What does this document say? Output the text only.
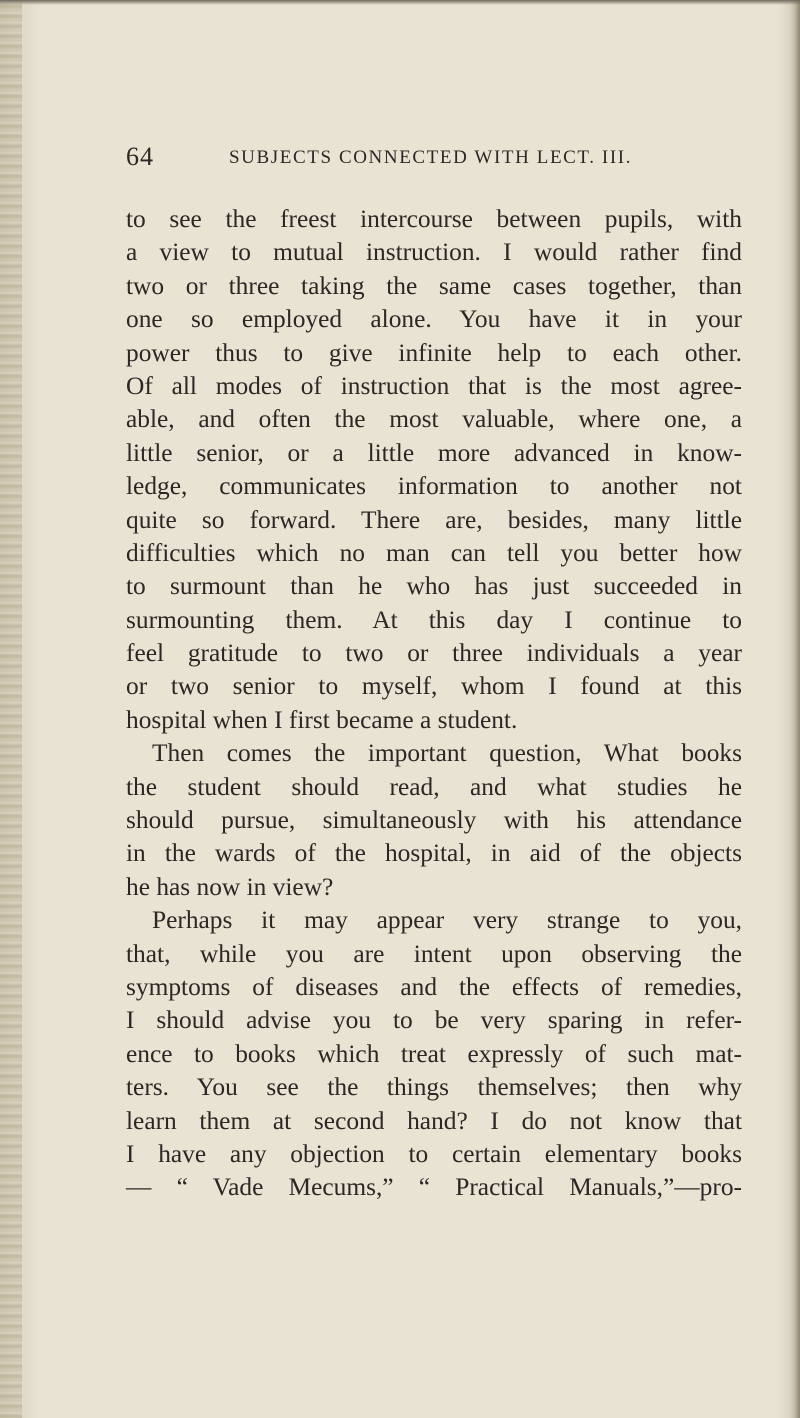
64	SUBJECTS CONNECTED WITH LECT. III.
to see the freest intercourse between pupils, with
a view to mutual instruction. I would rather find
two or three taking the same cases together, than
one so employed alone. You have it in your
power thus to give infinite help to each other.
Of all modes of instruction that is the most agree-
able, and often the most valuable, where one, a
little senior, or a little more advanced in know-
ledge, communicates information to another not
quite so forward. There are, besides, many little
difficulties which no man can tell you better how
to surmount than he who has just succeeded in
surmounting them. At this day I continue to
feel gratitude to two or three individuals a year
or two senior to myself, whom I found at this
hospital when I first became a student.
Then comes the important question, What books
the student should read, and what studies he
should pursue, simultaneously with his attendance
in the wards of the hospital, in aid of the objects
he has now in view?
Perhaps it may appear very strange to you,
that, while you are intent upon observing the
symptoms of diseases and the effects of remedies,
I should advise you to be very sparing in refer-
ence to books which treat expressly of such mat-
ters. You see the things themselves; then why
learn them at second hand? I do not know that
I have any objection to certain elementary books
— “ Vade Mecums,” “ Practical Manuals,”—pro-
